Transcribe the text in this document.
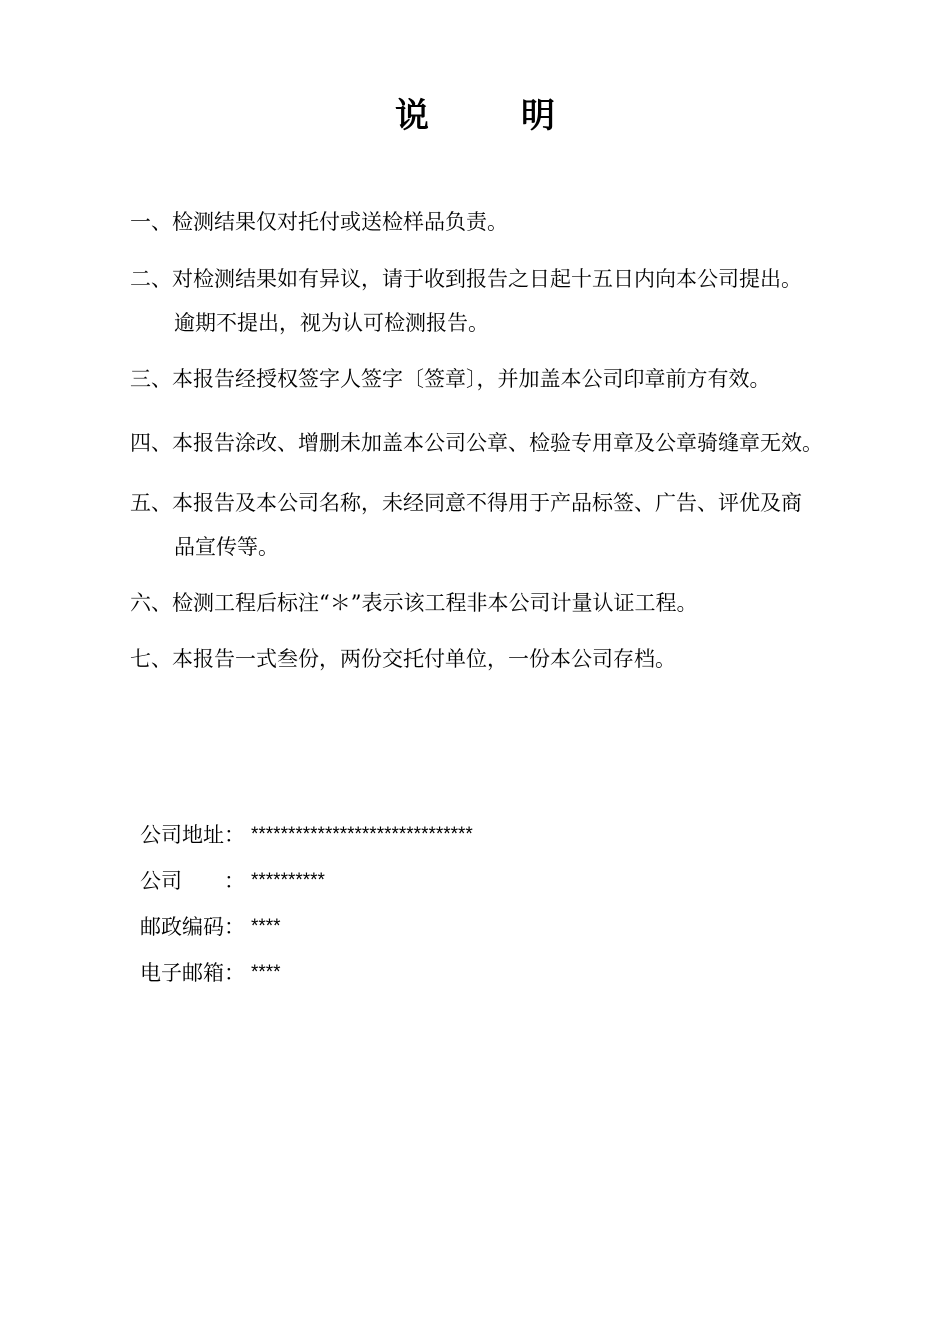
说	明
一、检测结果仅对托付或送检样品负责。
二、对检测结果如有异议，请于收到报告之日起十五日内向本公司提出。
逾期不提出，视为认可检测报告。
三、本报告经授权签字人签字〔签章〕，并加盖本公司印章前方有效。
四、本报告涂改、增删未加盖本公司公章、检验专用章及公章骑缝章无效。
五、本报告及本公司名称，未经同意不得用于产品标签、广告、评优及商
品宣传等。
六、检测工程后标注“＊”表示该工程非本公司计量认证工程。
七、本报告一式叁份，两份交托付单位，一份本公司存档。
公司地址： ******************************
公司　　： **********
邮政编码： ****
电子邮箱： ****
